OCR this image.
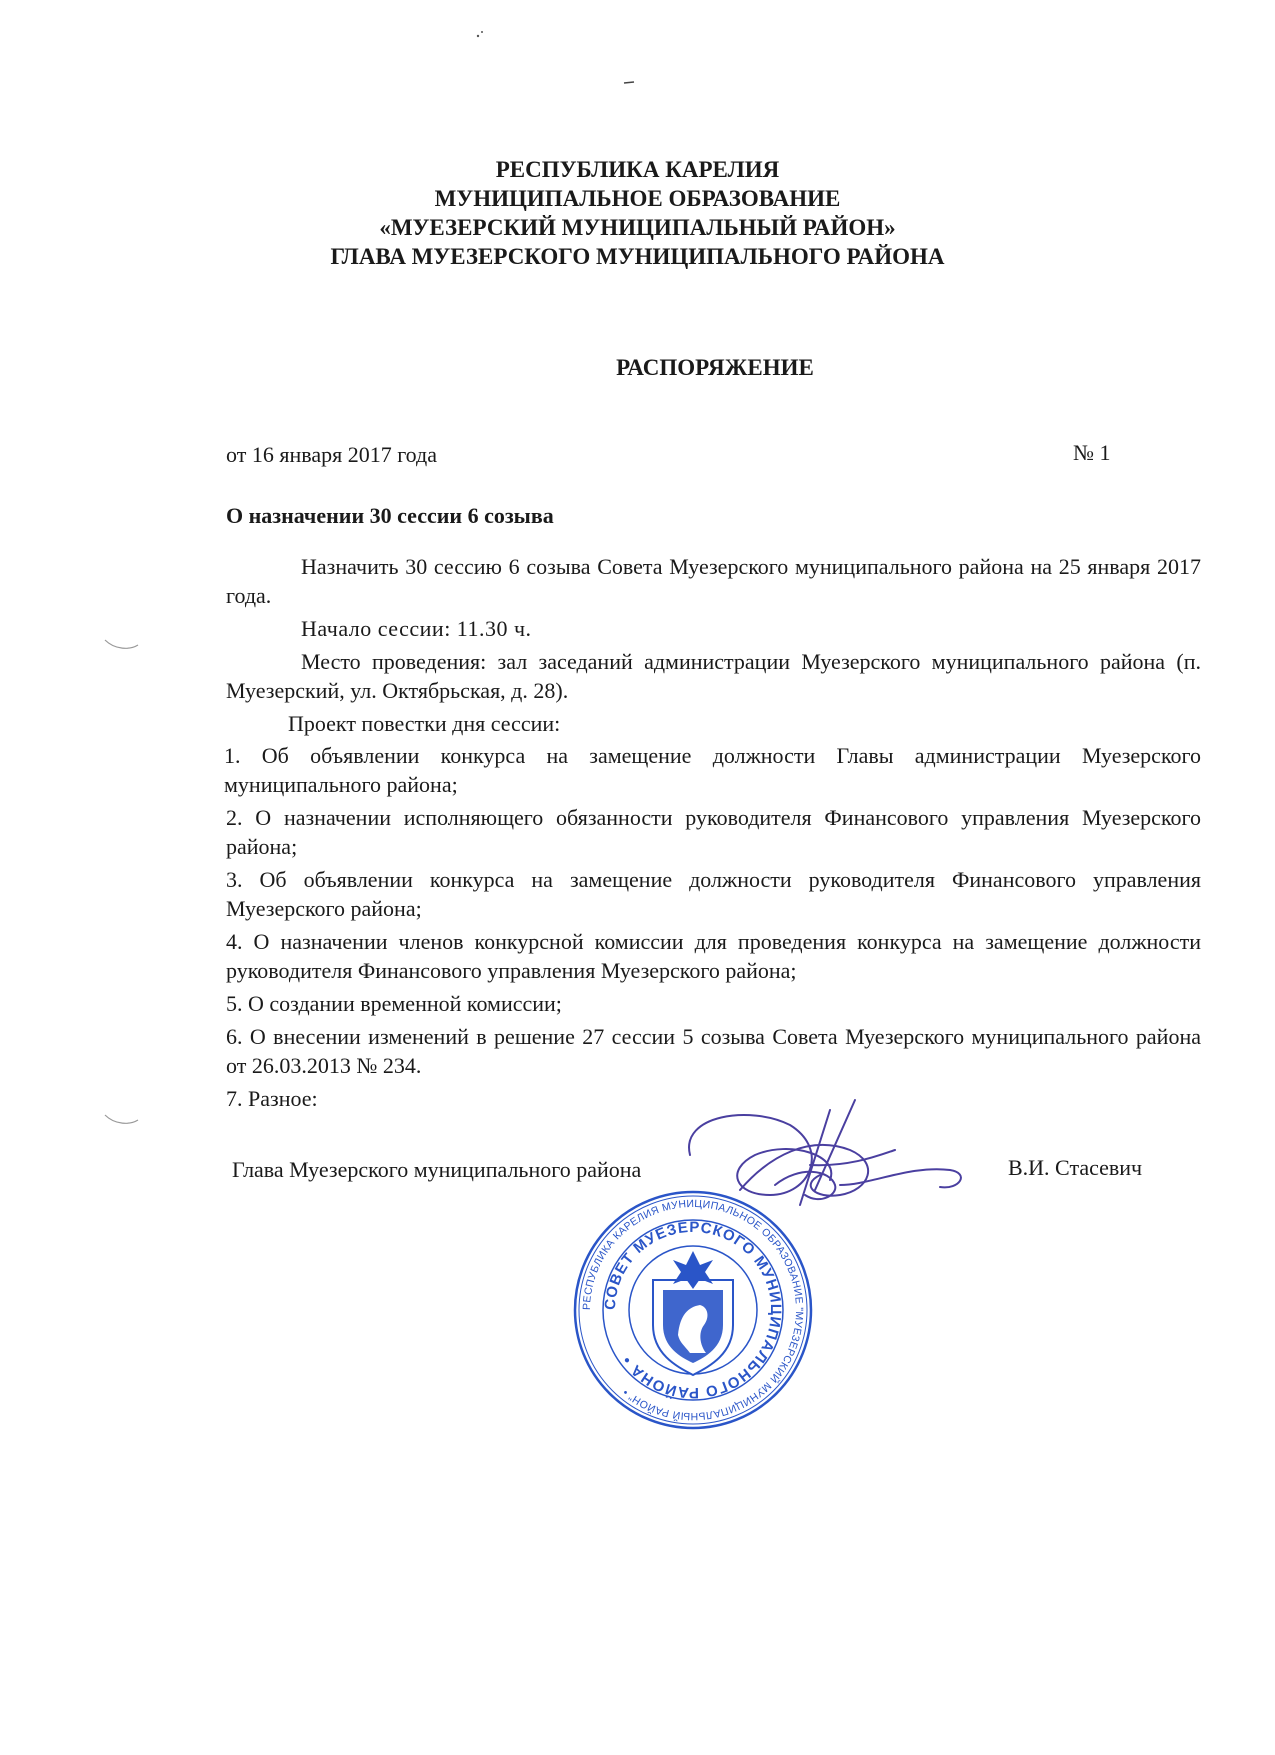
РЕСПУБЛИКА КАРЕЛИЯ
МУНИЦИПАЛЬНОЕ ОБРАЗОВАНИЕ
«МУЕЗЕРСКИЙ МУНИЦИПАЛЬНЫЙ РАЙОН»
ГЛАВА МУЕЗЕРСКОГО МУНИЦИПАЛЬНОГО РАЙОНА
РАСПОРЯЖЕНИЕ
от 16 января 2017 года	№ 1
О назначении 30 сессии 6 созыва

Назначить 30 сессию 6 созыва Совета Муезерского муниципального района на 25 января 2017 года.

Начало сессии: 11.30 ч.

Место проведения: зал заседаний администрации Муезерского муниципального района (п. Муезерский, ул. Октябрьская, д. 28).

Проект повестки дня сессии:

1. Об объявлении конкурса на замещение должности Главы администрации Муезерского муниципального района;

2. О назначении исполняющего обязанности руководителя Финансового управления Муезерского района;

3. Об объявлении конкурса на замещение должности руководителя Финансового управления Муезерского района;

4. О назначении членов конкурсной комиссии для проведения конкурса на замещение должности руководителя Финансового управления Муезерского района;

5. О создании временной комиссии;

6. О внесении изменений в решение 27 сессии 5 созыва Совета Муезерского муниципального района от 26.03.2013 № 234.

7. Разное:

Глава Муезерского муниципального района	В.И. Стасевич
РЕСПУБЛИКА КАРЕЛИЯ МУНИЦИПАЛЬНОЕ ОБРАЗОВАНИЕ "МУЕЗЕРСКИЙ МУНИЦИПАЛЬНЫЙ РАЙОН" •
СОВЕТ МУЕЗЕРСКОГО МУНИЦИПАЛЬНОГО РАЙОНА •
